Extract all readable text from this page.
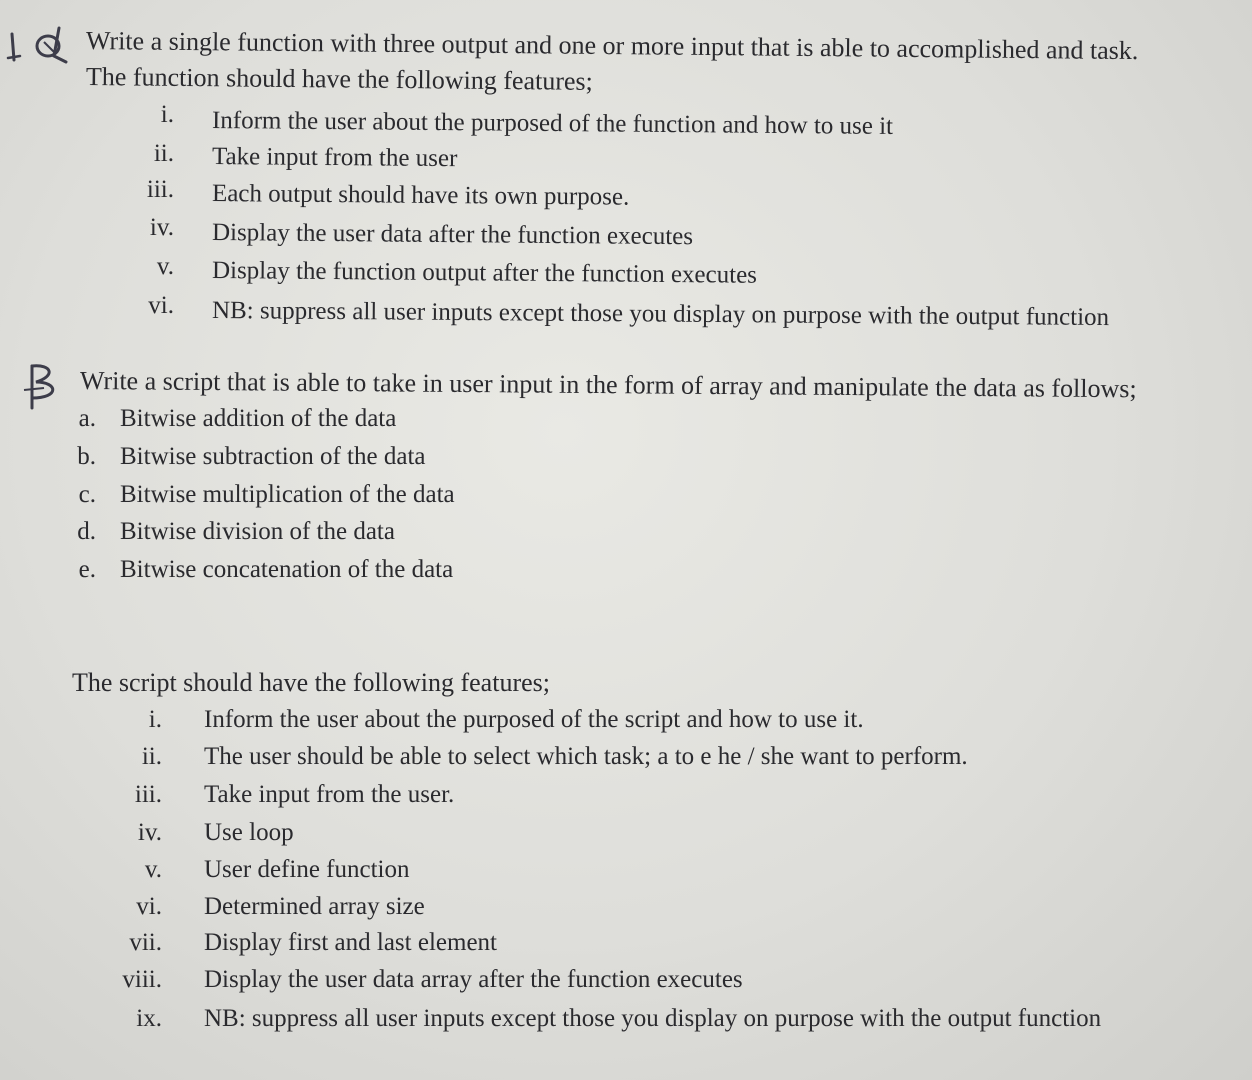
Write a single function with three output and one or more input that is able to accomplished and task.
The function should have the following features;
i. Inform the user about the purposed of the function and how to use it
ii. Take input from the user
iii. Each output should have its own purpose.
iv. Display the user data after the function executes
v. Display the function output after the function executes
vi. NB: suppress all user inputs except those you display on purpose with the output function
Write a script that is able to take in user input in the form of array and manipulate the data as follows;
a. Bitwise addition of the data
b. Bitwise subtraction of the data
c. Bitwise multiplication of the data
d. Bitwise division of the data
e. Bitwise concatenation of the data
The script should have the following features;
i. Inform the user about the purposed of the script and how to use it.
ii. The user should be able to select which task; a to e he / she want to perform.
iii. Take input from the user.
iv. Use loop
v. User define function
vi. Determined array size
vii. Display first and last element
viii. Display the user data array after the function executes
ix. NB: suppress all user inputs except those you display on purpose with the output function
